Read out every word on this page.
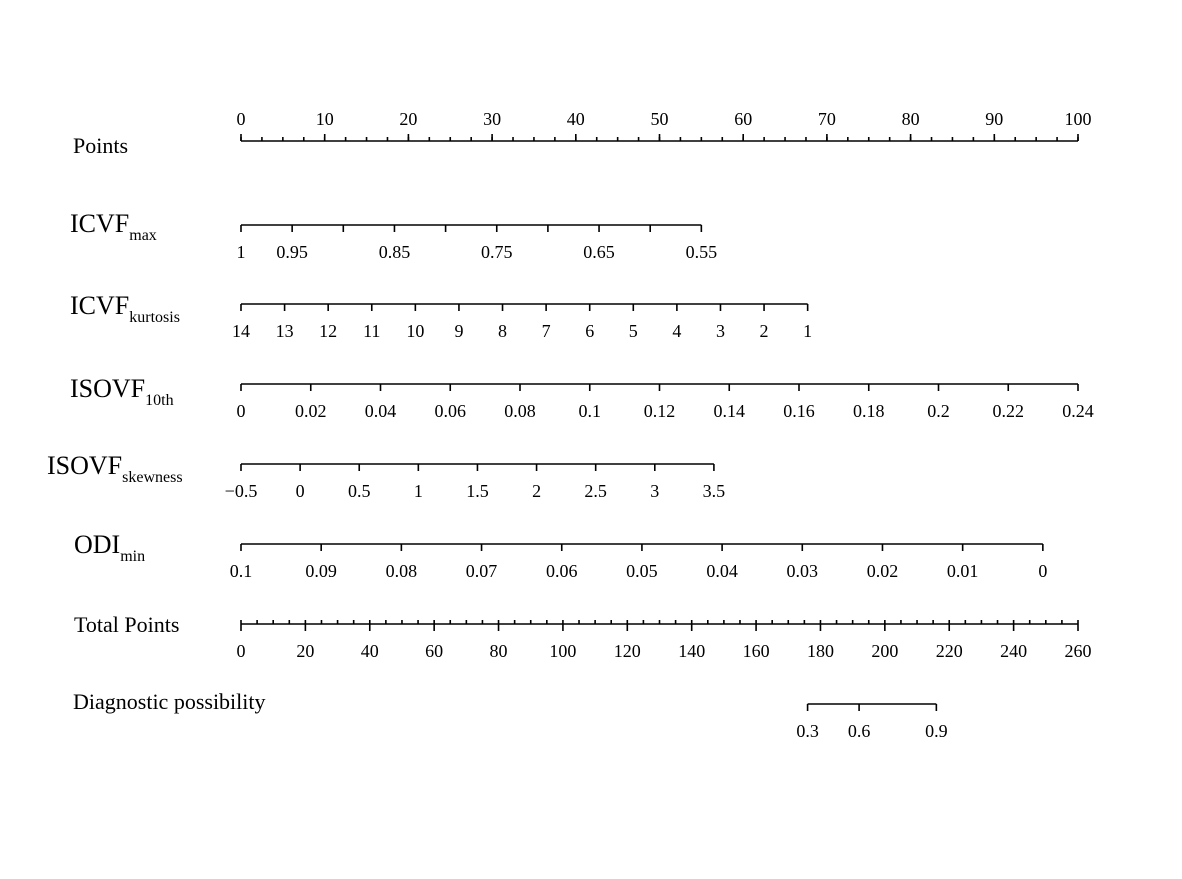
Points
$ICVF_{max}$
$ICVF_{kurtosis}$
$ISOVF_{10th}$
$ISOVF_{skewness}$
$ODI_{min}$
Total Points
Diagnostic possibility
0	10	20	30	40	50	60	70	80	90	100
1 0.95	0.85	0.75	0.65	0.55
14 13 12 11 10 9 8 7 6 5 4 3 2 1
0	0.02 0.04 0.06 0.08 0.1 0.12 0.14 0.16 0.18 0.2 0.22 0.24
−0.5 0 0.5 1 1.5 2 2.5 3 3.5
0.1	0.09	0.08	0.07	0.06	0.05	0.04	0.03	0.02	0.01	0
0	20	40	60	80 100 120 140 160 180 200 220 240 260
0.3 0.6	0.9
